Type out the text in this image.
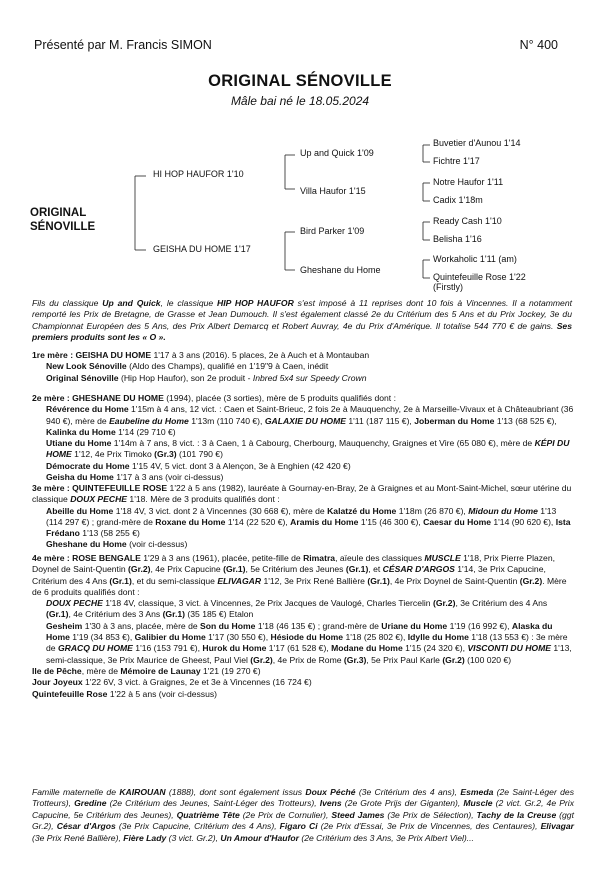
Présenté par M. Francis SIMON	N° 400
ORIGINAL SÉNOVILLE
Mâle bai né le 18.05.2024
ORIGINAL
SÉNOVILLE
HI HOP HAUFOR 1'10
GEISHA DU HOME 1'17
Up and Quick 1'09
Villa Haufor 1'15
Bird Parker 1'09
Gheshane du Home
Buvetier d'Aunou 1'14
Fichtre 1'17
Notre Haufor 1'11
Cadix 1'18m
Ready Cash 1'10
Belisha 1'16
Workaholic 1'11 (am)
Quintefeuille Rose 1'22
(Firstly)
Fils du classique Up and Quick, le classique HIP HOP HAUFOR s'est imposé à 11 reprises dont 10 fois à Vincennes. Il a notamment remporté les Prix de Bretagne, de Grasse et Jean Dumouch. Il s'est également classé 2e du Critérium des 5 Ans et du Prix Jockey, 3e du Championnat Européen des 5 Ans, des Prix Albert Demarcq et Robert Auvray, 4e du Prix d'Amérique. Il totalise 544 770 € de gains. Ses premiers produits sont les « O ».
1re mère : GEISHA DU HOME 1'17 à 3 ans (2016). 5 places, 2e à Auch et à Montauban
New Look Sénoville (Aldo des Champs), qualifié en 1'19"9 à Caen, inédit
Original Sénoville (Hip Hop Haufor), son 2e produit - Inbred 5x4 sur Speedy Crown
2e mère : GHESHANE DU HOME (1994), placée (3 sorties), mère de 5 produits qualifiés dont :
Révérence du Home 1'15m à 4 ans, 12 vict. : Caen et Saint-Brieuc, 2 fois 2e à Mauquenchy, 2e à Marseille-Vivaux et à Châteaubriant (36 940 €), mère de Eaubeline du Home 1'13m (110 740 €), GALAXIE DU HOME 1'11 (187 115 €), Joberman du Home 1'13 (68 525 €), Kalinka du Home 1'14 (29 710 €)
Utiane du Home 1'14m à 7 ans, 8 vict. : 3 à Caen, 1 à Cabourg, Cherbourg, Mauquenchy, Graignes et Vire (65 080 €), mère de KÉPI DU HOME 1'12, 4e Prix Timoko (Gr.3) (101 790 €)
Démocrate du Home 1'15 4V, 5 vict. dont 3 à Alençon, 3e à Enghien (42 420 €)
Geisha du Home 1'17 à 3 ans (voir ci-dessus)
3e mère : QUINTEFEUILLE ROSE 1'22 à 5 ans (1982), lauréate à Gournay-en-Bray, 2e à Graignes et au Mont-Saint-Michel, sœur utérine du classique DOUX PECHE 1'18. Mère de 3 produits qualifiés dont :
Abeille du Home 1'18 4V, 3 vict. dont 2 à Vincennes (30 668 €), mère de Kalatzé du Home 1'18m (26 870 €), Midoun du Home 1'13 (114 297 €) ; grand-mère de Roxane du Home 1'14 (22 520 €), Aramis du Home 1'15 (46 300 €), Caesar du Home 1'14 (90 620 €), Ista Frédano 1'13 (58 255 €)
Gheshane du Home (voir ci-dessus)
4e mère : ROSE BENGALE 1'29 à 3 ans (1961), placée, petite-fille de Rimatra, aïeule des classiques MUSCLE 1'18, Prix Pierre Plazen, Doynel de Saint-Quentin (Gr.2), 4e Prix Capucine (Gr.1), 5e Critérium des Jeunes (Gr.1), et CÉSAR D'ARGOS 1'14, 3e Prix Capucine, Critérium des 4 Ans (Gr.1), et du semi-classique ELIVAGAR 1'12, 3e Prix René Ballière (Gr.1), 4e Prix Doynel de Saint-Quentin (Gr.2). Mère de 6 produits qualifiés dont :
DOUX PECHE 1'18 4V, classique, 3 vict. à Vincennes, 2e Prix Jacques de Vaulogé, Charles Tiercelin (Gr.2), 3e Critérium des 4 Ans (Gr.1), 4e Critérium des 3 Ans (Gr.1) (35 185 €) Etalon
Gesheim 1'30 à 3 ans, placée, mère de Son du Home 1'18 (46 135 €) ; grand-mère de Uriane du Home 1'19 (16 992 €), Alaska du Home 1'19 (34 853 €), Galibier du Home 1'17 (30 550 €), Hésiode du Home 1'18 (25 802 €), Idylle du Home 1'18 (13 553 €) : 3e mère de GRACQ DU HOME 1'16 (153 791 €), Hurok du Home 1'17 (61 528 €), Modane du Home 1'15 (24 320 €), VISCONTI DU HOME 1'13, semi-classique, 3e Prix Maurice de Gheest, Paul Viel (Gr.2), 4e Prix de Rome (Gr.3), 5e Prix Paul Karle (Gr.2) (100 020 €)
Ile de Pêche, mère de Mémoire de Launay 1'21 (19 270 €)
Jour Joyeux 1'22 6V, 3 vict. à Graignes, 2e et 3e à Vincennes (16 724 €)
Quintefeuille Rose 1'22 à 5 ans (voir ci-dessus)
Famille maternelle de KAIROUAN (1888), dont sont également issus Doux Péché (3e Critérium des 4 ans), Esmeda (2e Saint-Léger des Trotteurs), Gredine (2e Critérium des Jeunes, Saint-Léger des Trotteurs), Ivens (2e Grote Prijs der Giganten), Muscle (2 vict. Gr.2, 4e Prix Capucine, 5e Critérium des Jeunes), Quatrième Tête (2e Prix de Cornulier), Steed James (3e Prix de Sélection), Tachy de la Creuse (ggt Gr.2), César d'Argos (3e Prix Capucine, Critérium des 4 Ans), Figaro Ci (2e Prix d'Essai, 3e Prix de Vincennes, des Centaures), Elivagar (3e Prix René Ballière), Fière Lady (3 vict. Gr.2), Un Amour d'Haufor (2e Critérium des 3 Ans, 3e Prix Albert Viel)...
